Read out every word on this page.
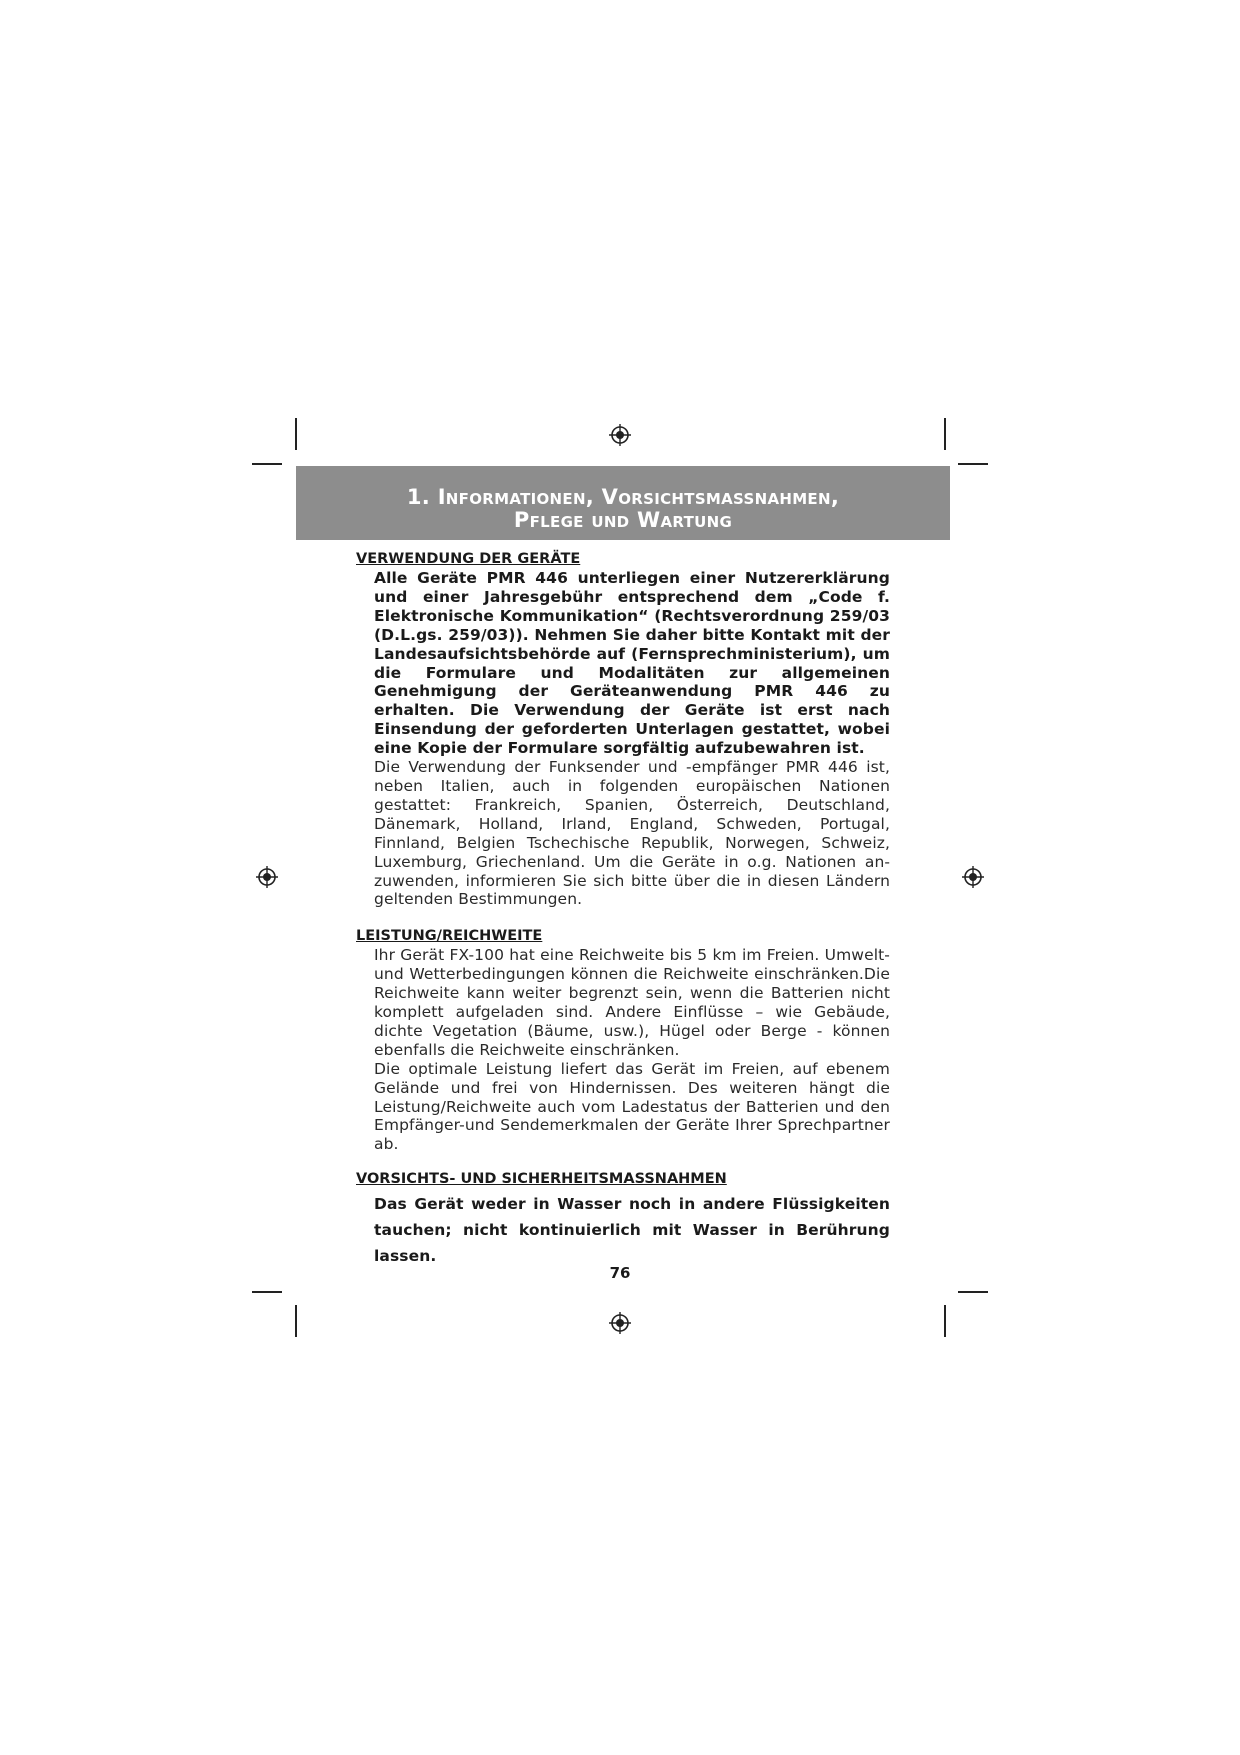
1. Informationen, Vorsichtsmassnahmen,
Pflege und Wartung
VERWENDUNG DER GERÄTE
Alle Geräte PMR 446 unterliegen einer Nutzererklärung und einer Jahresgebühr entsprechend dem „Code f. Elektronische Kommunikation“ (Rechtsverordnung 259/03 (D.L.gs. 259/03)). Nehmen Sie daher bitte Kontakt mit der Landesaufsichtsbehörde auf (Fernsprechministerium), um die Formulare und Modalitäten zur allgemeinen Genehmigung der Geräteanwendung PMR 446 zu erhalten. Die Verwendung der Geräte ist erst nach Einsendung der geforderten Unterlagen gestattet, wobei eine Kopie der Formulare sorgfältig aufzubewahren ist.
Die Verwendung der Funksender und -empfänger PMR 446 ist, neben Italien, auch in folgenden europäischen Nationen gestattet: Frankreich, Spanien, Österreich, Deutschland, Dänemark, Holland, Irland, England, Schweden, Portugal, Finnland, Belgien Tschechische Republik, Norwegen, Schweiz, Luxemburg, Griechenland. Um die Geräte in o.g. Nationen anzuwenden, informieren Sie sich bitte über die in diesen Ländern geltenden Bestimmungen.
LEISTUNG/REICHWEITE
Ihr Gerät FX-100 hat eine Reichweite bis 5 km im Freien. Umwelt-und Wetterbedingungen können die Reichweite einschränken.Die Reichweite kann weiter begrenzt sein, wenn die Batterien nicht komplett aufgeladen sind. Andere Einflüsse – wie Gebäude, dichte Vegetation (Bäume, usw.), Hügel oder Berge - können ebenfalls die Reichweite einschränken.
Die optimale Leistung liefert das Gerät im Freien, auf ebenem Gelände und frei von Hindernissen. Des weiteren hängt die Leistung/Reichweite auch vom Ladestatus der Batterien und den Empfänger-und Sendemerkmalen der Geräte Ihrer Sprechpartner ab.
VORSICHTS- UND SICHERHEITSMASSNAHMEN
Das Gerät weder in Wasser noch in andere Flüssigkeiten tauchen; nicht kontinuierlich mit Wasser in Berührung lassen.
76
